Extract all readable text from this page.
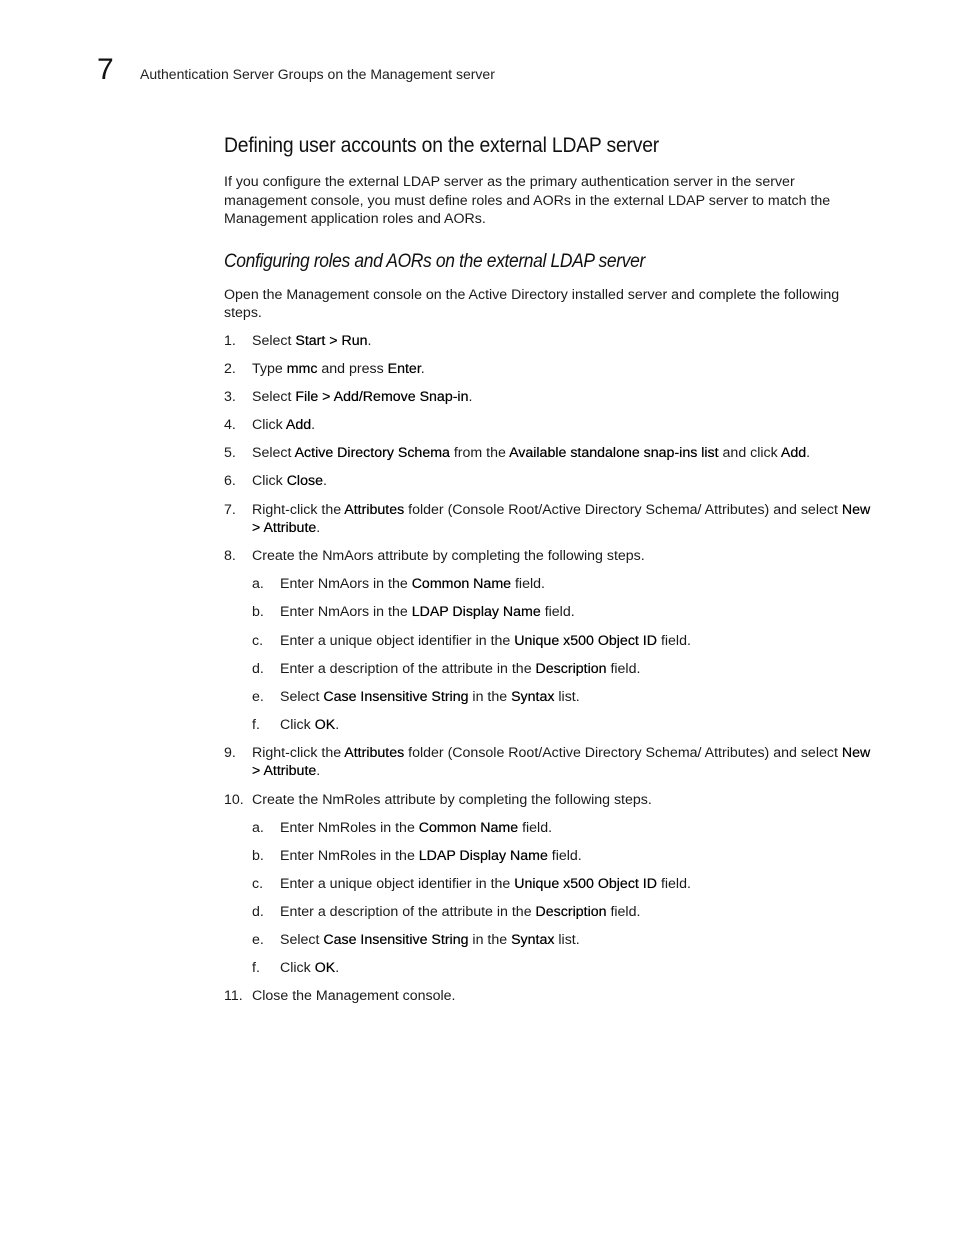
7 Authentication Server Groups on the Management server
Defining user accounts on the external LDAP server

If you configure the external LDAP server as the primary authentication server in the server management console, you must define roles and AORs in the external LDAP server to match the Management application roles and AORs.

Configuring roles and AORs on the external LDAP server

Open the Management console on the Active Directory installed server and complete the following steps.

1. Select Start > Run.
2. Type mmc and press Enter.
3. Select File > Add/Remove Snap-in.
4. Click Add.
5. Select Active Directory Schema from the Available standalone snap-ins list and click Add.
6. Click Close.
7. Right-click the Attributes folder (Console Root/Active Directory Schema/ Attributes) and select New > Attribute.
8. Create the NmAors attribute by completing the following steps.
a. Enter NmAors in the Common Name field.
b. Enter NmAors in the LDAP Display Name field.
c. Enter a unique object identifier in the Unique x500 Object ID field.
d. Enter a description of the attribute in the Description field.
e. Select Case Insensitive String in the Syntax list.
f. Click OK.
9. Right-click the Attributes folder (Console Root/Active Directory Schema/ Attributes) and select New > Attribute.
10. Create the NmRoles attribute by completing the following steps.
a. Enter NmRoles in the Common Name field.
b. Enter NmRoles in the LDAP Display Name field.
c. Enter a unique object identifier in the Unique x500 Object ID field.
d. Enter a description of the attribute in the Description field.
e. Select Case Insensitive String in the Syntax list.
f. Click OK.
11. Close the Management console.
